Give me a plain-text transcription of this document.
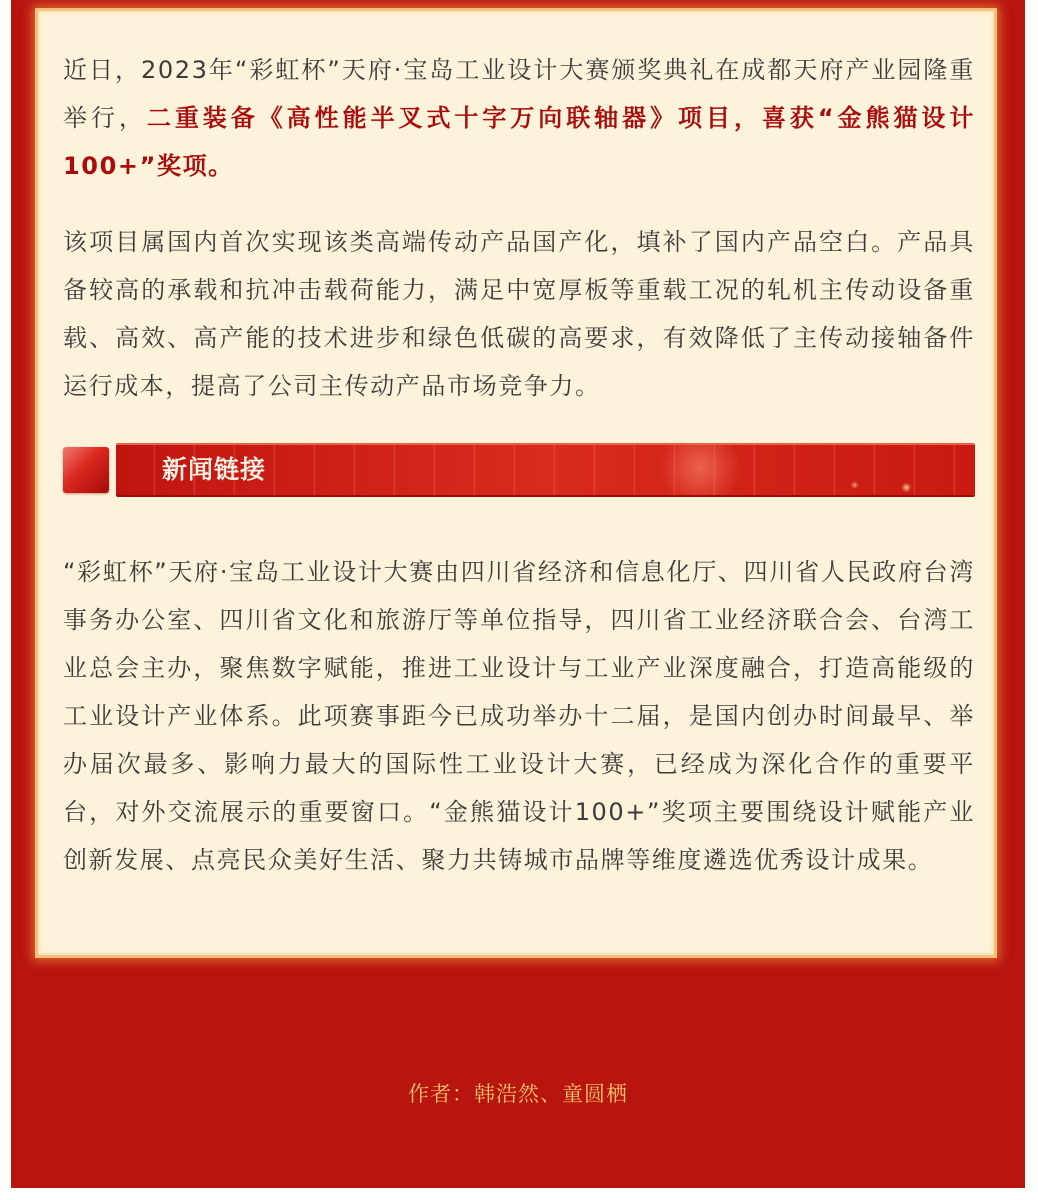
近日，2023年“彩虹杯”天府·宝岛工业设计大赛颁奖典礼在成都天府产业园隆重举行，二重装备《高性能半叉式十字万向联轴器》项目，喜获“金熊猫设计100+”奖项。

该项目属国内首次实现该类高端传动产品国产化，填补了国内产品空白。产品具备较高的承载和抗冲击载荷能力，满足中宽厚板等重载工况的轧机主传动设备重载、高效、高产能的技术进步和绿色低碳的高要求，有效降低了主传动接轴备件运行成本，提高了公司主传动产品市场竞争力。

新闻链接

“彩虹杯”天府·宝岛工业设计大赛由四川省经济和信息化厅、四川省人民政府台湾事务办公室、四川省文化和旅游厅等单位指导，四川省工业经济联合会、台湾工业总会主办，聚焦数字赋能，推进工业设计与工业产业深度融合，打造高能级的工业设计产业体系。此项赛事距今已成功举办十二届，是国内创办时间最早、举办届次最多、影响力最大的国际性工业设计大赛，已经成为深化合作的重要平台，对外交流展示的重要窗口。“金熊猫设计100+”奖项主要围绕设计赋能产业创新发展、点亮民众美好生活、聚力共铸城市品牌等维度遴选优秀设计成果。

作者：韩浩然、童圆栖
